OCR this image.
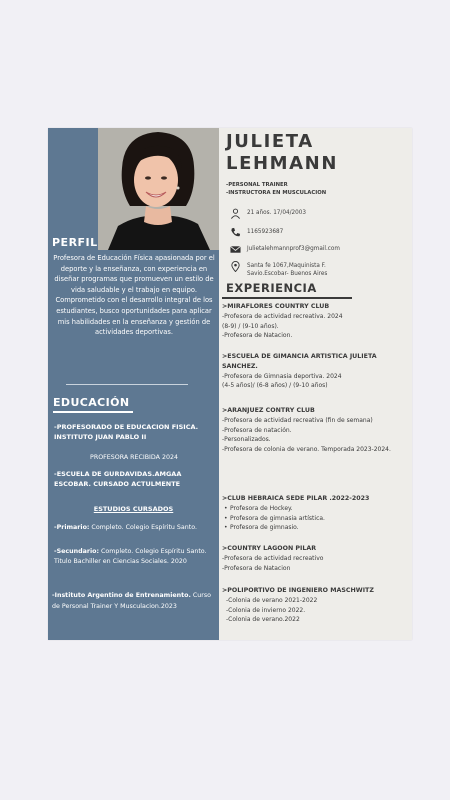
PERFIL
Profesora de Educación Física apasionada por el deporte y la enseñanza, con experiencia en diseñar programas que promueven un estilo de vida saludable y el trabajo en equipo. Comprometido con el desarrollo integral de los estudiantes, busco oportunidades para aplicar mis habilidades en la enseñanza y gestión de actividades deportivas.
EDUCACIÓN
-PROFESORADO DE EDUCACION FISICA. INSTITUTO JUAN PABLO II
PROFESORA RECIBIDA 2024
-ESCUELA DE GURDAVIDAS.AMGAA ESCOBAR. CURSADO ACTULMENTE
ESTUDIOS CURSADOS
-Primario: Completo. Colegio Espíritu Santo.
-Secundario: Completo. Colegio Espíritu Santo. Titulo Bachiller en Ciencias Sociales. 2020
-Instituto Argentino de Entrenamiento. Curso de Personal Trainer Y Musculacion.2023
JULIETA
LEHMANN
-PERSONAL TRAINER
-INSTRUCTORA EN MUSCULACION
21 años. 17/04/2003
1165923687
Julietalehmannprof3@gmail.com
Santa fe 1067,Maquinista F.
Savio.Escobar- Buenos Aires
EXPERIENCIA
>MIRAFLORES COUNTRY CLUB
-Profesora de actividad recreativa. 2024
(8-9) / (9-10 años).
-Profesora de Natacion.
>ESCUELA DE GIMANCIA ARTISTICA JULIETA SANCHEZ.
-Profesora de Gimnasia deportiva. 2024
(4-5 años)/ (6-8 años) / (9-10 años)
>ARANJUEZ CONTRY CLUB
-Profesora de actividad recreativa (fin de semana)
-Profesora de natación.
-Personalizados.
-Profesora de colonia de verano. Temporada 2023-2024.
>CLUB HEBRAICA SEDE PILAR .2022-2023
• Profesora de Hockey.
• Profesora de gimnasia artística.
• Profesora de gimnasio.
>COUNTRY LAGOON PILAR
-Profesora de actividad recreativo
-Profesora de Natacion
>POLIPORTIVO DE INGENIERO MASCHWITZ
-Colonia de verano 2021-2022
-Colonia de invierno 2022.
-Colonia de verano.2022
